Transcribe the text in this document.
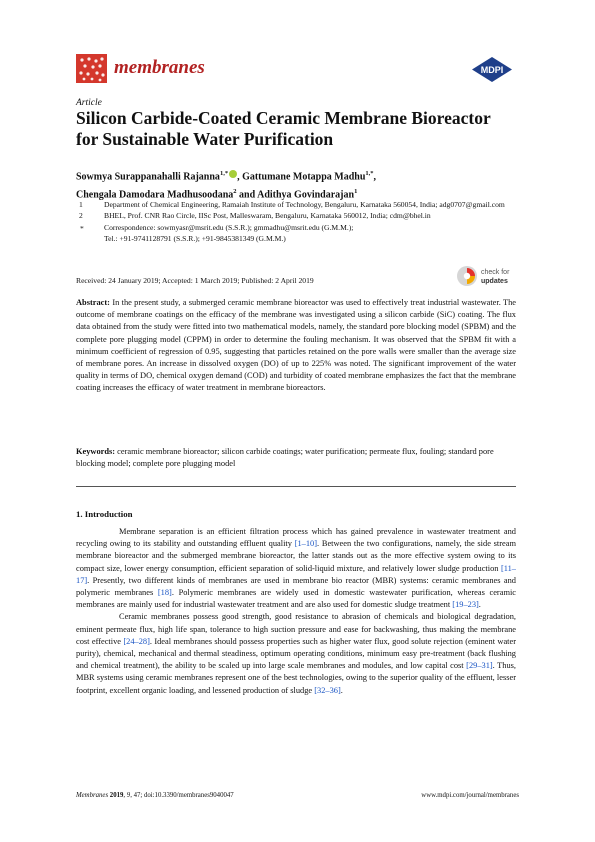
membranes	MDPI
Article
Silicon Carbide-Coated Ceramic Membrane Bioreactor for Sustainable Water Purification
Sowmya Surappanahalli Rajanna$^{1,*}$ , Gattumane Motappa Madhu$^{1,*}$,
Chengala Damodara Madhusoodana$^2$ and Adithya Govindarajan$^1$
1	Department of Chemical Engineering, Ramaiah Institute of Technology, Bengaluru, Karnataka 560054, India; adg0707@gmail.com
2	BHEL, Prof. CNR Rao Circle, IISc Post, Malleswaram, Bengaluru, Karnataka 560012, India; cdm@bhel.in
*	Correspondence: sowmyasr@msrit.edu (S.S.R.); gmmadhu@msrit.edu (G.M.M.);
Tel.: +91-9741128791 (S.S.R.); +91-9845381349 (G.M.M.)
Received: 24 January 2019; Accepted: 1 March 2019; Published: 2 April 2019
check for
updates
Abstract: In the present study, a submerged ceramic membrane bioreactor was used to effectively treat industrial wastewater. The outcome of membrane coatings on the efficacy of the membrane was investigated using a silicon carbide (SiC) coating. The flux data obtained from the study were fitted into two mathematical models, namely, the standard pore blocking model (SPBM) and the complete pore plugging model (CPPM) in order to determine the fouling mechanism. It was observed that the SPBM fit with a minimum coefficient of regression of 0.95, suggesting that particles retained on the pore walls were smaller than the average size of membrane pores. An increase in dissolved oxygen (DO) of up to 225% was noted. The significant improvement of the water quality in terms of DO, chemical oxygen demand (COD) and turbidity of coated membrane emphasizes the fact that the membrane coating increases the efficacy of water treatment in membrane bioreactors.
Keywords: ceramic membrane bioreactor; silicon carbide coatings; water purification; permeate flux, fouling; standard pore blocking model; complete pore plugging model
1. Introduction

Membrane separation is an efficient filtration process which has gained prevalence in wastewater treatment and recycling owing to its stability and outstanding effluent quality [1–10]. Between the two configurations, namely, the side stream membrane bioreactor and the submerged membrane bioreactor, the latter stands out as the more effective system owing to its compact size, lower energy consumption, efficient separation of solid-liquid mixture, and relatively lower sludge production [11–17]. Presently, two different kinds of membranes are used in membrane bio reactor (MBR) systems: ceramic membranes and polymeric membranes [18]. Polymeric membranes are widely used in domestic wastewater purification, whereas ceramic membranes are mainly used for industrial wastewater treatment and are also used for domestic sludge treatment [19–23].

Ceramic membranes possess good strength, good resistance to abrasion of chemicals and biological degradation, eminent permeate flux, high life span, tolerance to high suction pressure and ease for backwashing, thus making the membrane cost effective [24–28]. Ideal membranes should possess properties such as higher water flux, good solute rejection (eminent water purity), chemical, mechanical and thermal steadiness, optimum operating conditions, minimum easy pre-treatment (back flushing and chemical treatment), the ability to be scaled up into large scale membranes and modules, and low capital cost [29–31]. Thus, MBR systems using ceramic membranes represent one of the best technologies, owing to the superior quality of the effluent, lesser footprint, excellent organic loading, and lessened production of sludge [32–36].

Membranes 2019, 9, 47; doi:10.3390/membranes9040047	www.mdpi.com/journal/membranes
